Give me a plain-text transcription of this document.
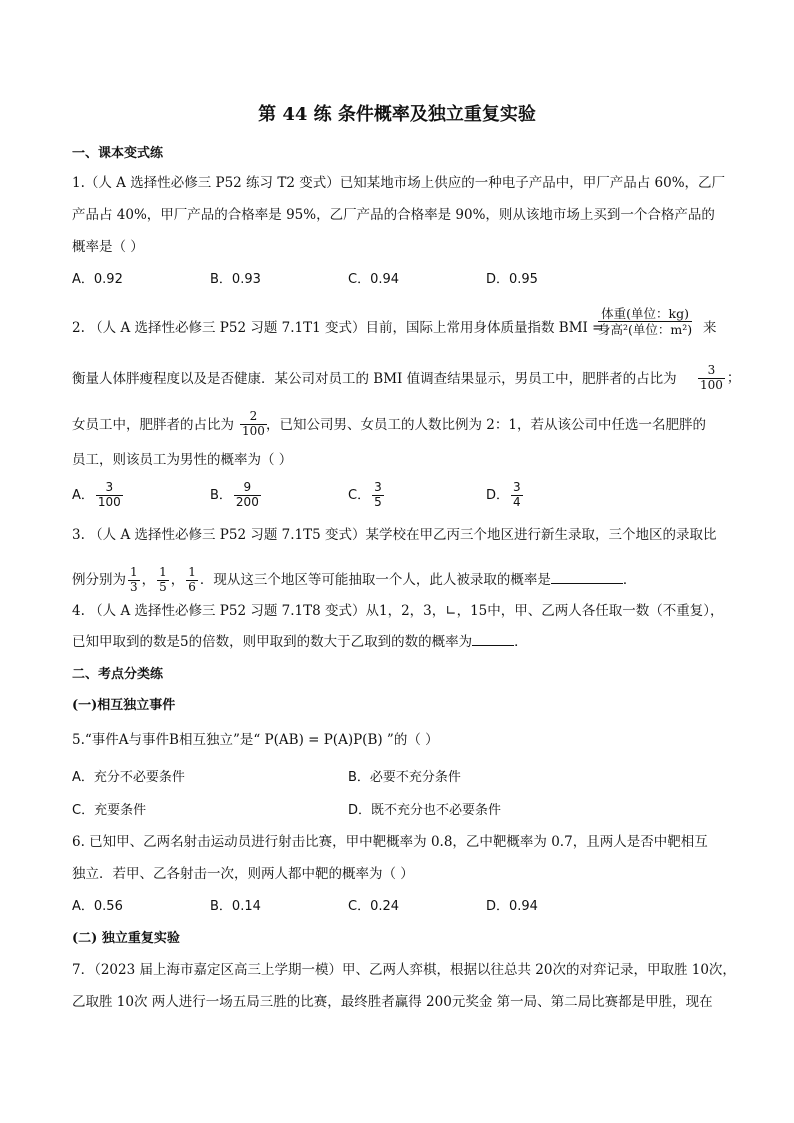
第 44 练 条件概率及独立重复实验
一、课本变式练
1.（人 A 选择性必修三 P52 练习 T2 变式）已知某地市场上供应的一种电子产品中，甲厂产品占 60%，乙厂
产品占 40%，甲厂产品的合格率是 95%，乙厂产品的合格率是 90%，则从该地市场上买到一个合格产品的
概率是（ ）
A．0.92	B．0.93	C．0.94	D．0.95
2. （人 A 选择性必修三 P52 习题 7.1T1 变式）目前，国际上常用身体质量指数 BMI =
体重(单位：kg)
身高²(单位：m²) 来
衡量人体胖瘦程度以及是否健康．某公司对员工的 BMI 值调查结果显示，男员工中，肥胖者的占比为 $\frac{3}{100}$ ；
女员工中，肥胖者的占比为 $\frac{2}{100}$ ，已知公司男、女员工的人数比例为 2：1，若从该公司中任选一名肥胖的
员工，则该员工为男性的概率为（ ）
A． $\frac{3}{100}$	B． $\frac{9}{200}$	C． $\frac{3}{5}$	D． $\frac{3}{4}$
3. （人 A 选择性必修三 P52 习题 7.1T5 变式）某学校在甲乙丙三个地区进行新生录取，三个地区的录取比
例分别为 $\frac{1}{3}$ ， $\frac{1}{5}$ ， $\frac{1}{6}$ ．现从这三个地区等可能抽取一个人，此人被录取的概率是	．
4. （人 A 选择性必修三 P52 习题 7.1T8 变式）从1，2，3，∟，15中，甲、乙两人各任取一数（不重复），
已知甲取到的数是5的倍数，则甲取到的数大于乙取到的数的概率为	．
二、考点分类练
(一)相互独立事件
5.“事件A与事件B相互独立”是“ P(AB) = P(A)P(B) ”的（ ）
A．充分不必要条件	B．必要不充分条件
C．充要条件	D．既不充分也不必要条件
6. 已知甲、乙两名射击运动员进行射击比赛，甲中靶概率为 0.8，乙中靶概率为 0.7，且两人是否中靶相互
独立．若甲、乙各射击一次，则两人都中靶的概率为（ ）
A．0.56	B．0.14	C．0.24	D．0.94
(二) 独立重复实验
7．（2023 届上海市嘉定区高三上学期一模）甲、乙两人弈棋，根据以往总共 20次的对弈记录，甲取胜 10次，
乙取胜 10次 两人进行一场五局三胜的比赛，最终胜者赢得 200元奖金 第一局、第二局比赛都是甲胜，现在
